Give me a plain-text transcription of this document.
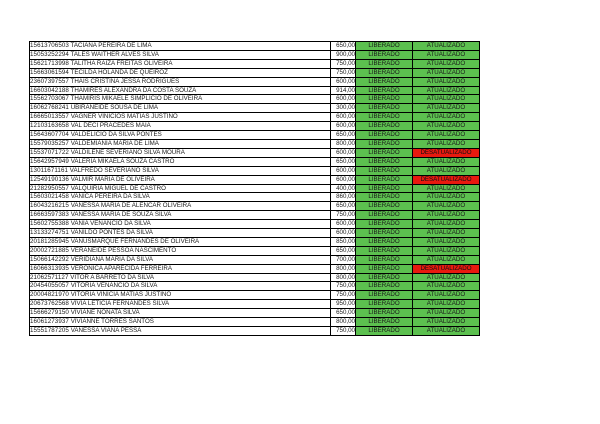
15613706503 TACIANA PEREIRA DE LIMA	650,00	LIBERADO	ATUALIZADO
15053252294 TALES WAITHER ALVES SILVA	900,00	LIBERADO	ATUALIZADO
15621713998 TALITHA RAIZA FREITAS OLIVEIRA	750,00	LIBERADO	ATUALIZADO
15663061594 TECILDA HOLANDA DE QUEIROZ	750,00	LIBERADO	ATUALIZADO
23607397557 THAIS CRISTINA JESSA RODRIGUES	600,00	LIBERADO	ATUALIZADO
16603042188 THAMIRES ALEXANDRA DA COSTA SOUZA	914,00	LIBERADO	ATUALIZADO
15562703067 THAMIRIS MIKAELE SIMPLICIO DE OLIVEIRA	600,00	LIBERADO	ATUALIZADO
16062768241 UBIRANEIDE SOUSA DE LIMA	300,00	LIBERADO	ATUALIZADO
16665013557 VAGNER VINICIOS MATIAS JUSTINO	600,00	LIBERADO	ATUALIZADO
12103163658 VAL DECI PRACEDES MAIA	600,00	LIBERADO	ATUALIZADO
15643607704 VALDELICIO DA SILVA PONTES	650,00	LIBERADO	ATUALIZADO
15579035257 VALDEMIANIA MARIA DE LIMA	800,00	LIBERADO	ATUALIZADO
15537071722 VALDILENE SEVERIANO SILVA MOURA	600,00	LIBERADO	DESATUALIZADO
15642957949 VALERIA MIKAELA SOUZA CASTRO	650,00	LIBERADO	ATUALIZADO
13011671161 VALFREDO SEVERIANO SILVA	600,00	LIBERADO	ATUALIZADO
12549190136 VALMIR MARIA DE OLIVEIRA	600,00	LIBERADO	DESATUALIZADO
21282950557 VALQUIRIA MIGUEL DE CASTRO	400,00	LIBERADO	ATUALIZADO
15603021458 VANICA PEREIRA DA SILVA	860,00	LIBERADO	ATUALIZADO
16043216215 VANESSA MARIA DE ALENCAR OLIVEIRA	650,00	LIBERADO	ATUALIZADO
16663597383 VANESSA MARIA DE SOUZA SILVA	750,00	LIBERADO	ATUALIZADO
15602755388 VANIA VENANCIO DA SILVA	600,00	LIBERADO	ATUALIZADO
13133274751 VANILDO PONTES DA SILVA	600,00	LIBERADO	ATUALIZADO
20181285945 VANUSMARQUE FERNANDES DE OLIVEIRA	850,00	LIBERADO	ATUALIZADO
20002721885 VERANEIDE PESSOA NASCIMENTO	650,00	LIBERADO	ATUALIZADO
15066142292 VERIDIANA MARIA DA SILVA	700,00	LIBERADO	ATUALIZADO
16066313935 VERONICA APARECIDA FERREIRA	800,00	LIBERADO	DESATUALIZADO
21062571127 VITOR A BARRETO DA SILVA	800,00	LIBERADO	ATUALIZADO
20454055057 VITORIA VENANCIO DA SILVA	750,00	LIBERADO	ATUALIZADO
20004821970 VITORIA VINICIA MATIAS JUSTINO	750,00	LIBERADO	ATUALIZADO
20673762568 VIVIA LETICIA FERNANDES SILVA	950,00	LIBERADO	ATUALIZADO
15666279150 VIVIANE NONATA SILVA	650,00	LIBERADO	ATUALIZADO
16061273937 VIVIANNE TORRES SANTOS	800,00	LIBERADO	ATUALIZADO
15551787205 VANESSA VIANA PESSA	750,00	LIBERADO	ATUALIZADO
